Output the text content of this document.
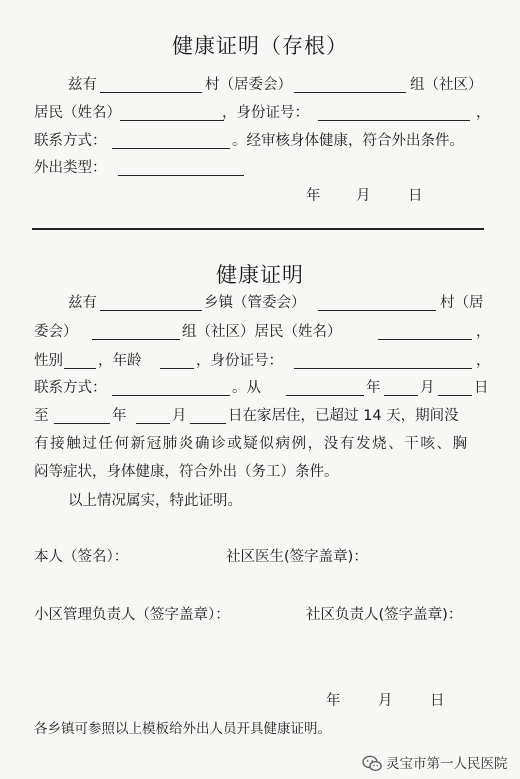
健康证明（存根）
兹有	村（居委会）	组（社区）
居民（姓名）	，身份证号：	，
联系方式：	。经审核身体健康，符合外出条件。
外出类型：
年 月	日
健康证明
兹有	乡镇（管委会）	村（居
委会）	组（社区）居民（姓名）	，
性别 ，年龄	，身份证号：	，
联系方式：	。从	年	月	日
至	年	月	日在家居住，已超过 14 天，期间没
有接触过任何新冠肺炎确诊或疑似病例，没有发烧、干咳、胸
闷等症状，身体健康，符合外出（务工）条件。
以上情况属实，特此证明。
本人（签名）：	社区医生(签字盖章)：
小区管理负责人（签字盖章）：	社区负责人(签字盖章)：
年	月	日
各乡镇可参照以上模板给外出人员开具健康证明。
灵宝市第一人民医院
